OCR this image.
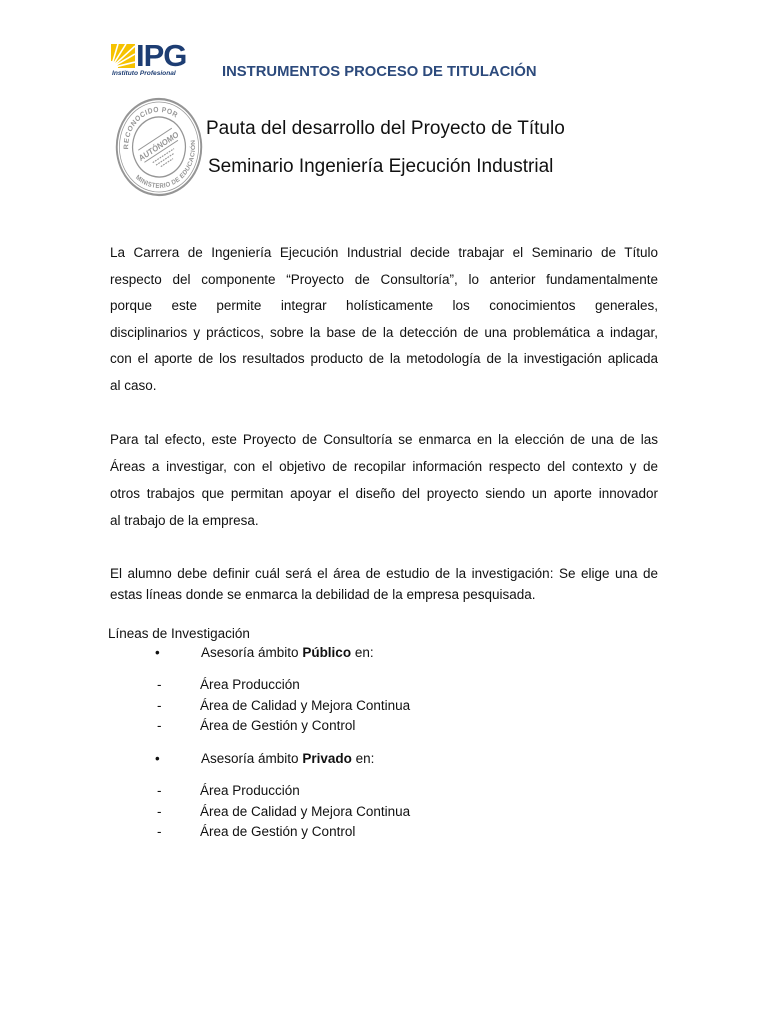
IPG
Instituto Profesional	INSTRUMENTOS PROCESO DE TITULACIÓN
RECONOCIDO POR
MINISTERIO DE EDUCACIÓN
AUTÓNOMO
Pauta del desarrollo del Proyecto de Título
Seminario Ingeniería Ejecución Industrial
La Carrera de Ingeniería Ejecución Industrial decide trabajar el Seminario de Título
respecto del componente “Proyecto de Consultoría”, lo anterior fundamentalmente
porque este permite integrar holísticamente los conocimientos generales,
disciplinarios y prácticos, sobre la base de la detección de una problemática a indagar,
con el aporte de los resultados producto de la metodología de la investigación aplicada
al caso.
Para tal efecto, este Proyecto de Consultoría se enmarca en la elección de una de las
Áreas a investigar, con el objetivo de recopilar información respecto del contexto y de
otros trabajos que permitan apoyar el diseño del proyecto siendo un aporte innovador
al trabajo de la empresa.
El alumno debe definir cuál será el área de estudio de la investigación: Se elige una de
estas líneas donde se enmarca la debilidad de la empresa pesquisada.
Líneas de Investigación
•	Asesoría ámbito Público en:
-	Área Producción
-	Área de Calidad y Mejora Continua
-	Área de Gestión y Control
•	Asesoría ámbito Privado en:
-	Área Producción
-	Área de Calidad y Mejora Continua
-	Área de Gestión y Control
